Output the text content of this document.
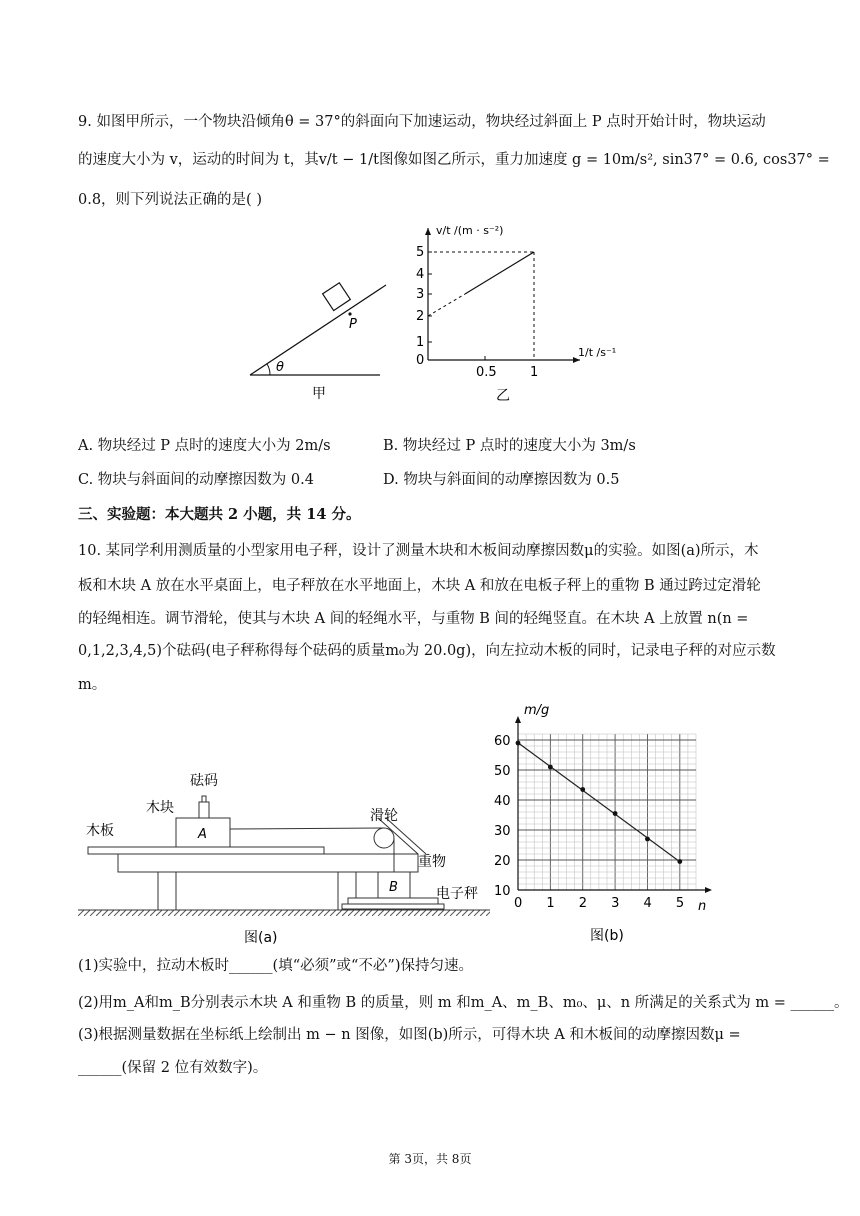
9. 如图甲所示，一个物块沿倾角θ = 37°的斜面向下加速运动，物块经过斜面上 P 点时开始计时，物块运动
的速度大小为 v，运动的时间为 t，其v/t − 1/t图像如图乙所示，重力加速度 g = 10m/s², sin37° = 0.6, cos37° =
0.8，则下列说法正确的是( )
θ
P
甲
0
1
2
3
4
5
0.5	1
v/t /(m · s⁻²)
1/t /s⁻¹
乙
A. 物块经过 P 点时的速度大小为 2m/s	B. 物块经过 P 点时的速度大小为 3m/s
C. 物块与斜面间的动摩擦因数为 0.4	D. 物块与斜面间的动摩擦因数为 0.5
三、实验题：本大题共 2 小题，共 14 分。
10. 某同学利用测质量的小型家用电子秤，设计了测量木块和木板间动摩擦因数μ的实验。如图(a)所示，木
板和木块 A 放在水平桌面上，电子秤放在水平地面上，木块 A 和放在电板子秤上的重物 B 通过跨过定滑轮
的轻绳相连。调节滑轮，使其与木块 A 间的轻绳水平，与重物 B 间的轻绳竖直。在木块 A 上放置 n(n =
0,1,2,3,4,5)个砝码(电子秤称得每个砝码的质量m₀为 20.0g)，向左拉动木板的同时，记录电子秤的对应示数
m。
砝码
木块
木板
滑轮
重物
电子秤
A
B
图(a)
m/g
n
图(b)
0 1 2 3 4 5
10
20
30
40
50
60
(1)实验中，拉动木板时______(填“必须”或“不必”)保持匀速。
(2)用m_A和m_B分别表示木块 A 和重物 B 的质量，则 m 和m_A、m_B、m₀、μ、n 所满足的关系式为 m = ______。
(3)根据测量数据在坐标纸上绘制出 m − n 图像，如图(b)所示，可得木块 A 和木板间的动摩擦因数μ =
______(保留 2 位有效数字)。
第 3页，共 8页
